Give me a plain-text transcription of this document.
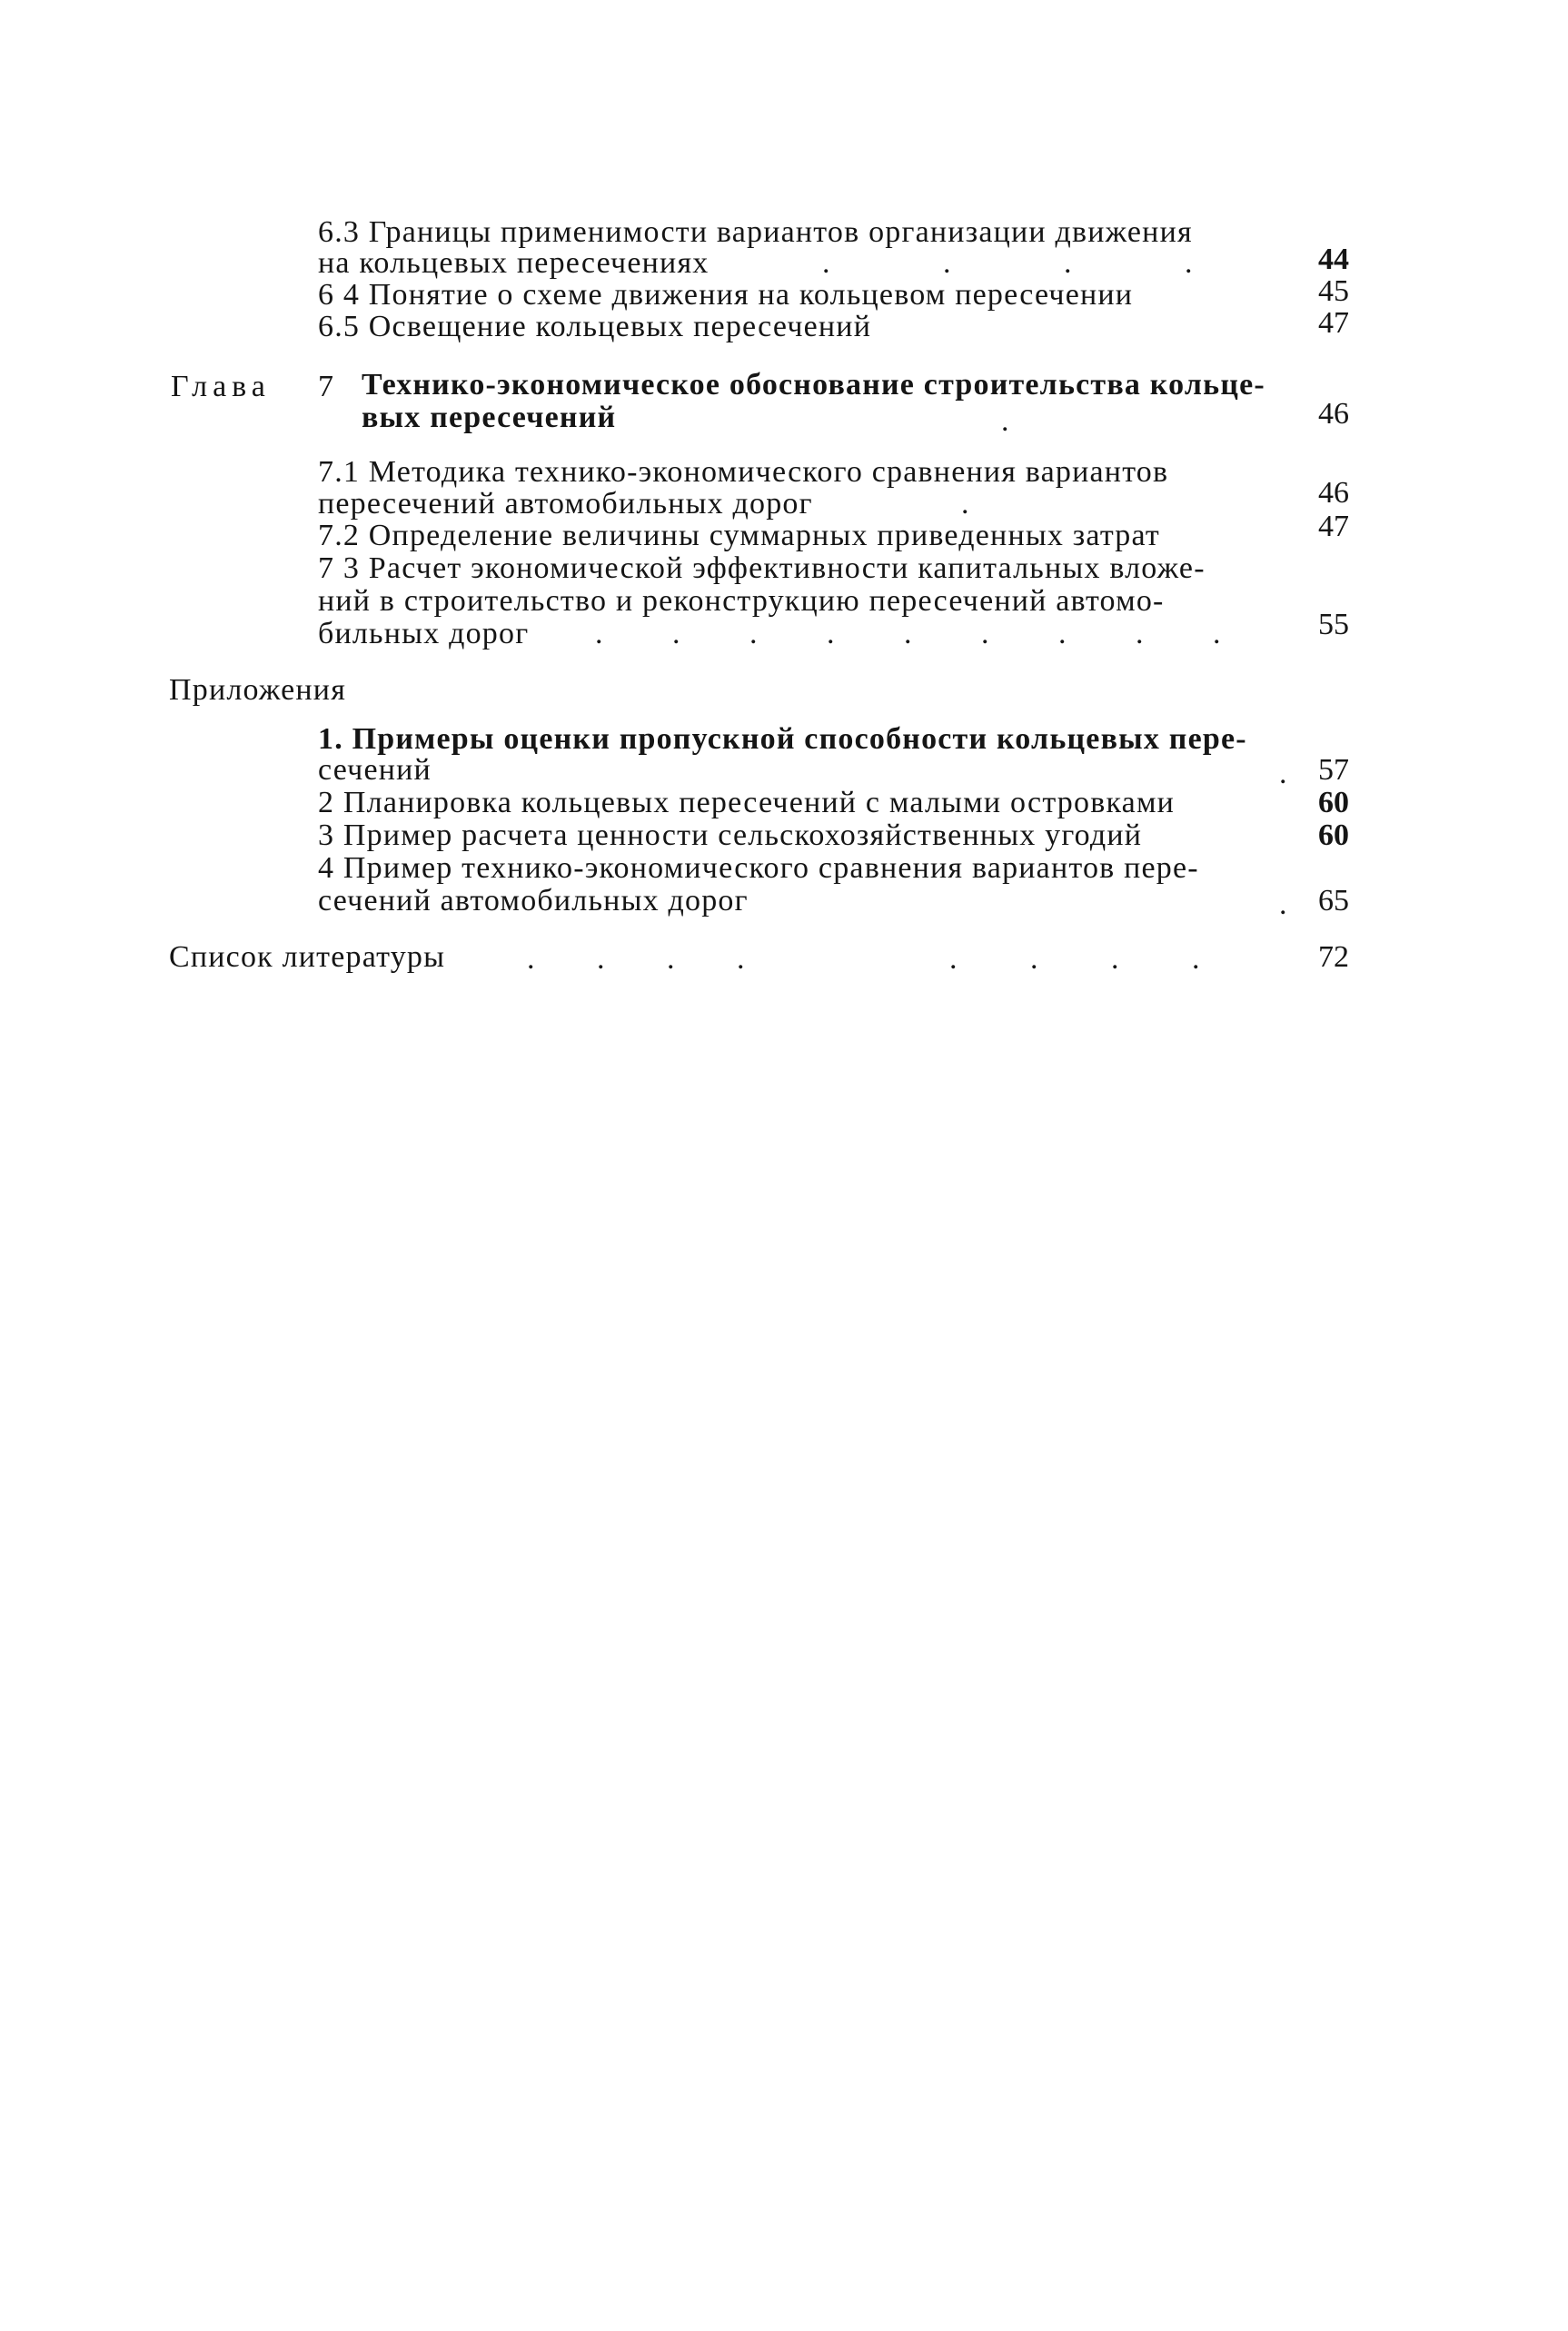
6.3 Границы применимости вариантов организации движения
на кольцевых пересечениях	. . . .	44
6 4 Понятие о схеме движения на кольцевом пересечении	45
6.5 Освещение кольцевых пересечений	47
Глава 7 Технико-экономическое обоснование строительства кольце-
вых пересечений	.	46
7.1 Методика технико-экономического сравнения вариантов
пересечений автомобильных дорог	.	46
7.2 Определение величины суммарных приведенных затрат	47
7 3 Расчет экономической эффективности капитальных вложе-
ний в строительство и реконструкцию пересечений автомо-
бильных дорог . . . . . . . . .	55
Приложения
1. Примеры оценки пропускной способности кольцевых пере-
сечений	.	57
2 Планировка кольцевых пересечений с малыми островками	60
3 Пример расчета ценности сельскохозяйственных угодий	60
4 Пример технико-экономического сравнения вариантов пере-
сечений автомобильных дорог	.	65
Список литературы	. . . .	. . . .	72
